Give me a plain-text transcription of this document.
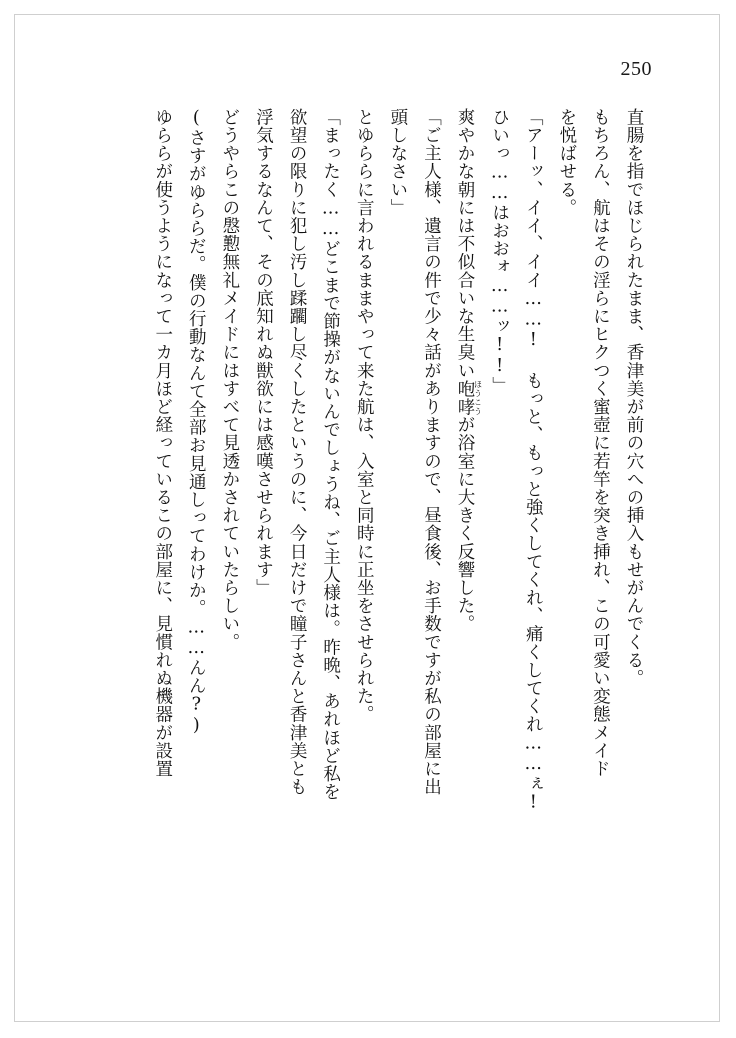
250

直腸を指でほじられたまま、香津美が前の穴への挿入もせがんでくる。

もちろん、航はその淫らにヒクつく蜜壺に若竿を突き挿れ、この可愛い変態メイド

を悦ばせる。

「アーッ、イイ、イイ……! もっと、もっと強くしてくれ、痛くしてくれ……ぇ!

ひいっ……はおおォ……ッ!!」

爽やかな朝には不似合いな生臭い咆哮ほうこうが浴室に大きく反響した。

「ご主人様、遺言の件で少々話がありますので、昼食後、お手数ですが私の部屋に出

頭しなさい」

とゆららに言われるままやって来た航は、入室と同時に正坐をさせられた。

「まったく……どこまで節操がないんでしょうね、ご主人様は。昨晩、あれほど私を

欲望の限りに犯し汚し蹂躙し尽くしたというのに、今日だけで瞳子さんと香津美とも

浮気するなんて、その底知れぬ獣欲には感嘆させられます」

どうやらこの慇懃無礼メイドにはすべて見透かされていたらしい。

(さすがゆららだ。僕の行動なんて全部お見通しってわけか。……んん?)

ゆららが使うようになって一カ月ほど経っているこの部屋に、見慣れぬ機器が設置
